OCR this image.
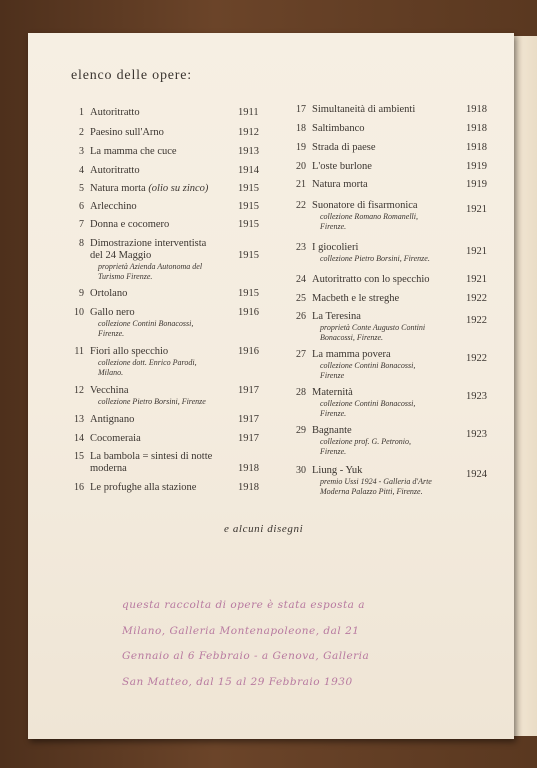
elenco delle opere:
1 Autoritratto	1911
2 Paesino sull'Arno	1912
3 La mamma che cuce	1913
4 Autoritratto	1914
5 Natura morta (olio su zinco)	1915
6 Arlecchino	1915
7 Donna e cocomero	1915
8 Dimostrazione interventista
del 24 Maggio
proprietà Azienda Autonoma del
Turismo Firenze.
1915
9 Ortolano	1915
10 Gallo nero
collezione Contini Bonacossi,
Firenze.
1916
11 Fiori allo specchio
collezione dott. Enrico Parodi,
Milano.
1916
12 Vecchina
collezione Pietro Borsini, Firenze
1917
13 Antignano	1917
14 Cocomeraia	1917
15 La bambola = sintesi di notte
moderna	1918
16 Le profughe alla stazione	1918
17 Simultaneità di ambienti	1918
18 Saltimbanco	1918
19 Strada di paese	1918
20 L'oste burlone	1919
21 Natura morta	1919
22 Suonatore di fisarmonica
collezione Romano Romanelli,
Firenze.
1921
23 I giocolieri
collezione Pietro Borsini, Firenze.
1921
24 Autoritratto con lo specchio	1921
25 Macbeth e le streghe	1922
26 La Teresina
proprietà Conte Augusto Contini
Bonacossi, Firenze.
1922
27 La mamma povera
collezione Contini Bonacossi,
Firenze
1922
28 Maternità
collezione Contini Bonacossi,
Firenze.
1923
29 Bagnante
collezione prof. G. Petronio,
Firenze.
1923
30 Liung - Yuk
premio Ussi 1924 - Galleria d'Arte
Moderna Palazzo Pitti, Firenze.
1924
e alcuni disegni
questa raccolta di opere è stata esposta a
Milano, Galleria Montenapoleone, dal 21
Gennaio al 6 Febbraio - a Genova, Galleria
San Matteo, dal 15 al 29 Febbraio 1930
